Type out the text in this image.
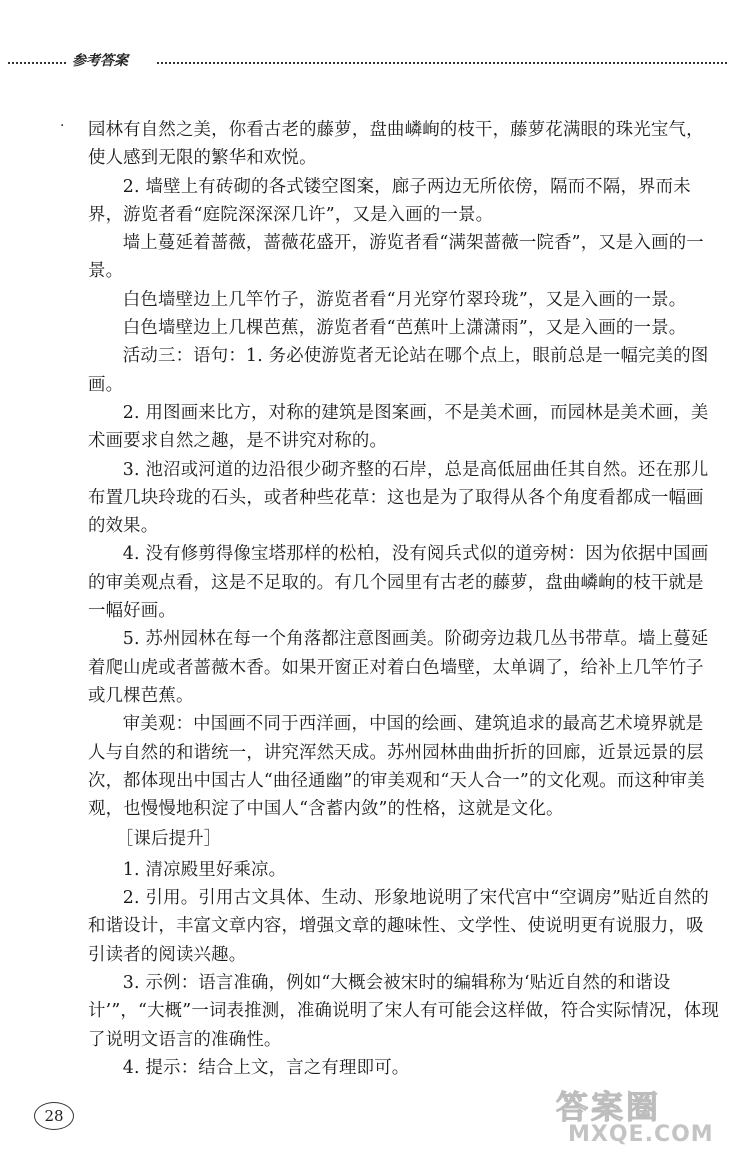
参考答案
· 园林有自然之美，你看古老的藤萝，盘曲嶙峋的枝干，藤萝花满眼的珠光宝气，使人感到无限的繁华和欢悦。

2. 墙壁上有砖砌的各式镂空图案，廊子两边无所依傍，隔而不隔，界而未界，游览者看“庭院深深深几许”，又是入画的一景。

墙上蔓延着蔷薇，蔷薇花盛开，游览者看“满架蔷薇一院香”，又是入画的一景。

白色墙壁边上几竿竹子，游览者看“月光穿竹翠玲珑”，又是入画的一景。

白色墙壁边上几棵芭蕉，游览者看“芭蕉叶上潇潇雨”，又是入画的一景。

活动三：语句：1. 务必使游览者无论站在哪个点上，眼前总是一幅完美的图画。

2. 用图画来比方，对称的建筑是图案画，不是美术画，而园林是美术画，美术画要求自然之趣，是不讲究对称的。

3. 池沼或河道的边沿很少砌齐整的石岸，总是高低屈曲任其自然。还在那儿布置几块玲珑的石头，或者种些花草：这也是为了取得从各个角度看都成一幅画的效果。

4. 没有修剪得像宝塔那样的松柏，没有阅兵式似的道旁树：因为依据中国画的审美观点看，这是不足取的。有几个园里有古老的藤萝，盘曲嶙峋的枝干就是一幅好画。

5. 苏州园林在每一个角落都注意图画美。阶砌旁边栽几丛书带草。墙上蔓延着爬山虎或者蔷薇木香。如果开窗正对着白色墙壁，太单调了，给补上几竿竹子或几棵芭蕉。

审美观：中国画不同于西洋画，中国的绘画、建筑追求的最高艺术境界就是人与自然的和谐统一，讲究浑然天成。苏州园林曲曲折折的回廊，近景远景的层次，都体现出中国古人“曲径通幽”的审美观和“天人合一”的文化观。而这种审美观，也慢慢地积淀了中国人“含蓄内敛”的性格，这就是文化。

［课后提升］

1. 清凉殿里好乘凉。

2. 引用。引用古文具体、生动、形象地说明了宋代宫中“空调房”贴近自然的和谐设计，丰富文章内容，增强文章的趣味性、文学性、使说明更有说服力，吸引读者的阅读兴趣。

3. 示例：语言准确，例如“大概会被宋时的编辑称为‘贴近自然的和谐设计’”，“大概”一词表推测，准确说明了宋人有可能会这样做，符合实际情况，体现了说明文语言的准确性。

4. 提示：结合上文，言之有理即可。

28	答案圈
MXQE.COM
